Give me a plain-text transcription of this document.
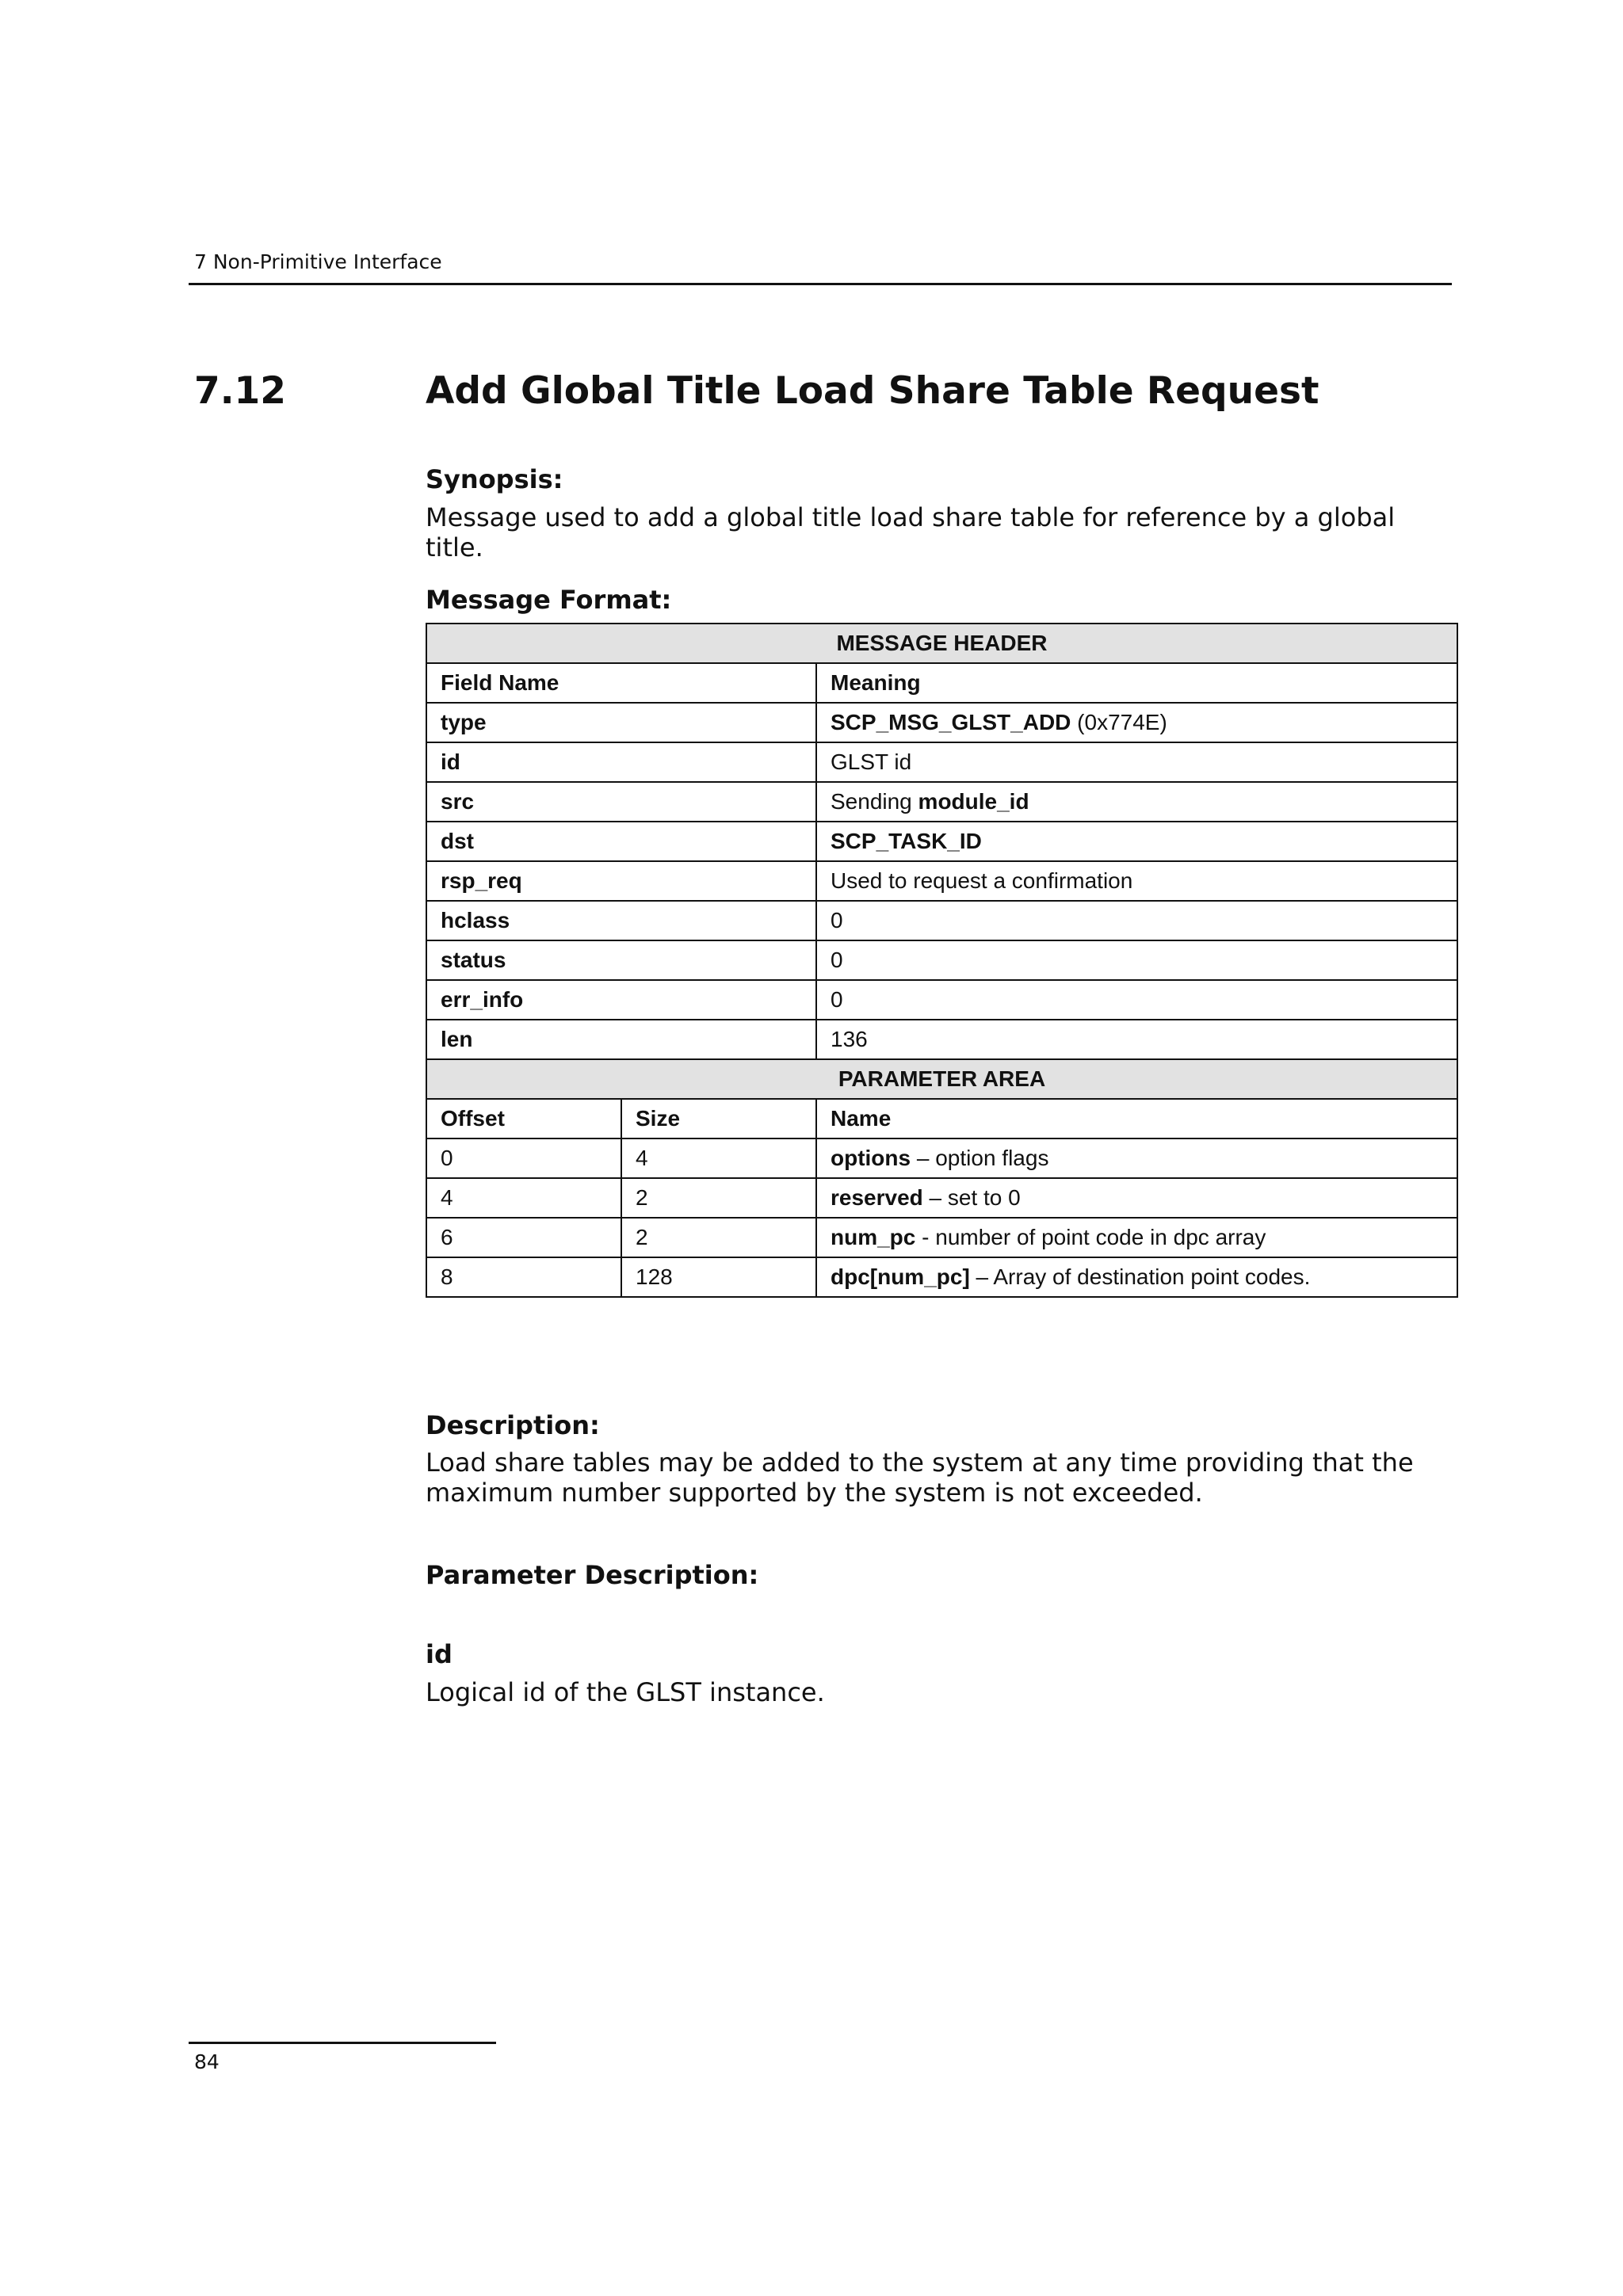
7 Non-Primitive Interface
7.12	Add Global Title Load Share Table Request
Synopsis:
Message used to add a global title load share table for reference by a global title.
Message Format:
MESSAGE HEADER		
Field Name		Meaning
type		SCP_MSG_GLST_ADD (0x774E)
id		GLST id
src		Sending module_id
dst		SCP_TASK_ID
rsp_req		Used to request a confirmation
hclass		0
status		0
err_info		0
len		136
PARAMETER AREA		
Offset	Size	Name
0	4	options – option flags
4	2	reserved – set to 0
6	2	num_pc - number of point code in dpc array
8	128	dpc[num_pc] – Array of destination point codes.
Description:
Load share tables may be added to the system at any time providing that the maximum number supported by the system is not exceeded.
Parameter Description:
id
Logical id of the GLST instance.
84
